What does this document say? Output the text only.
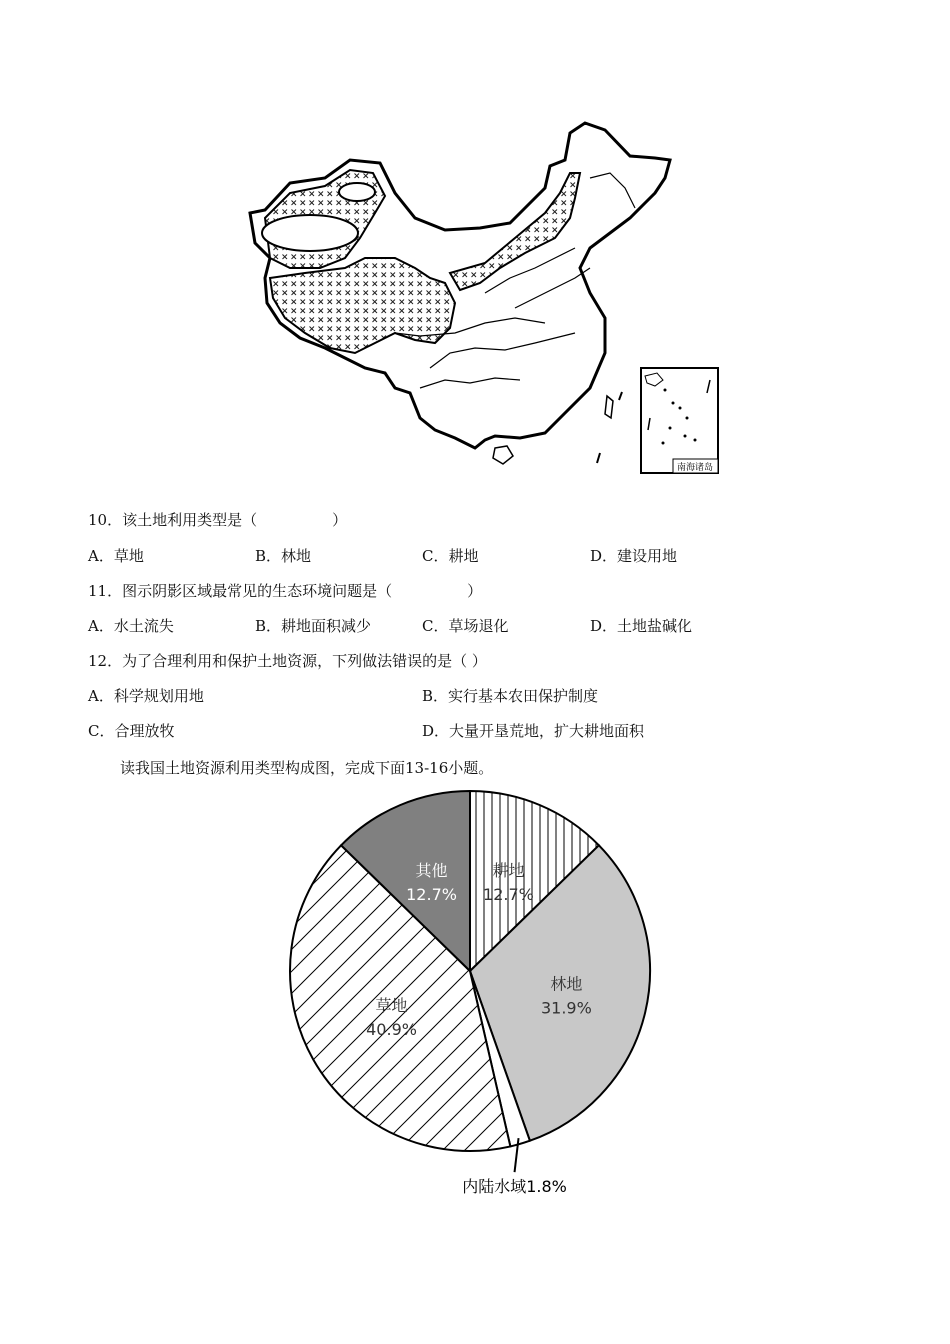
南海诸岛
10．该土地利用类型是（　　　　　）
A．草地	B．林地	C．耕地	D．建设用地
11．图示阴影区域最常见的生态环境问题是（　　　　　）
A．水土流失	B．耕地面积减少	C．草场退化	D．土地盐碱化
12．为了合理利用和保护土地资源，下列做法错误的是（ ）
A．科学规划用地	B．实行基本农田保护制度
C．合理放牧	D．大量开垦荒地，扩大耕地面积
读我国土地资源利用类型构成图，完成下面13-16小题。
耕地
12.7%
林地
31.9%
内陆水域1.8%
草地
40.9%
其他
12.7%
